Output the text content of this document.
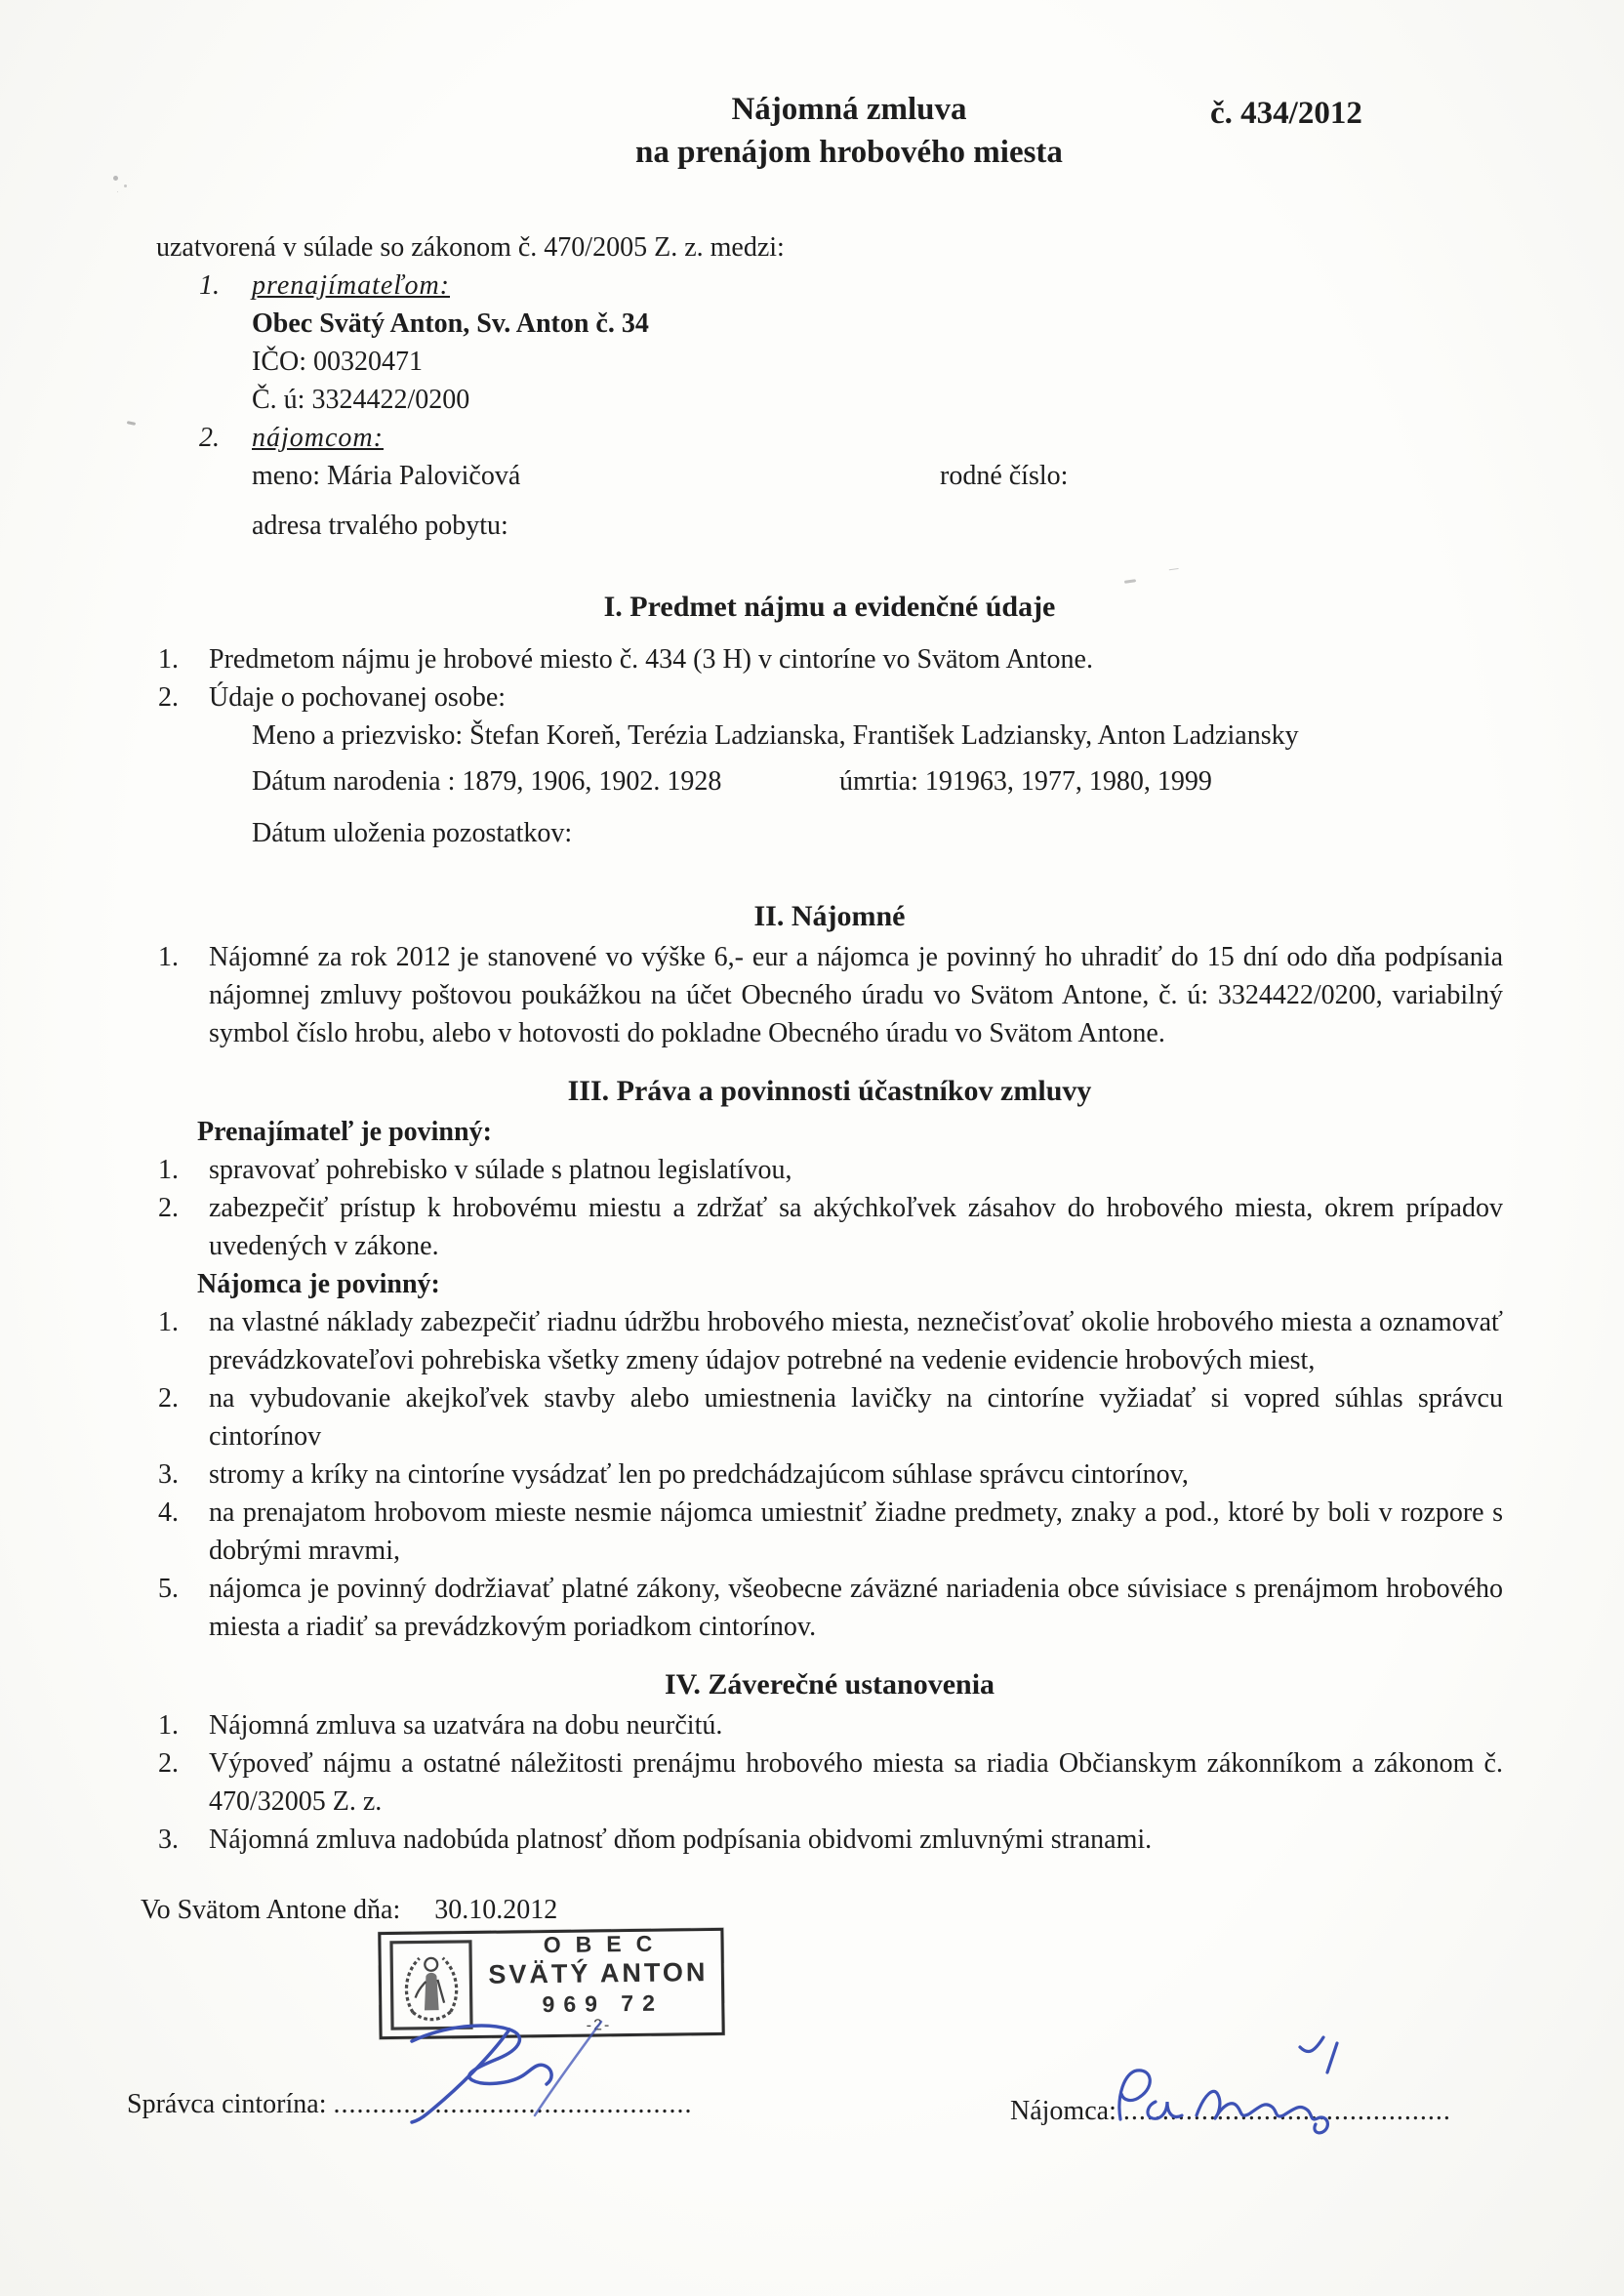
Nájomná zmluva
na prenájom hrobového miesta
č. 434/2012
uzatvorená v súlade so zákonom č. 470/2005 Z. z. medzi:
1.	prenajímateľom:
Obec Svätý Anton, Sv. Anton č. 34
IČO: 00320471
Č. ú: 3324422/0200
2.	nájomcom:
meno: Mária Palovičová	rodné číslo:
adresa trvalého pobytu:
I. Predmet nájmu a evidenčné údaje
1.	Predmetom nájmu je hrobové miesto č. 434 (3 H) v cintoríne vo Svätom Antone.
2.	Údaje o pochovanej osobe:
Meno a priezvisko: Štefan Koreň, Terézia Ladzianska, František Ladziansky, Anton Ladziansky
Dátum narodenia : 1879, 1906, 1902. 1928	úmrtia: 191963, 1977, 1980, 1999
Dátum uloženia pozostatkov:
II. Nájomné
1.	Nájomné za rok 2012 je stanovené vo výške 6,- eur a nájomca je povinný ho uhradiť do 15 dní odo dňa podpísania nájomnej zmluvy poštovou poukážkou na účet Obecného úradu vo Svätom Antone, č. ú: 3324422/0200, variabilný symbol číslo hrobu, alebo v hotovosti do pokladne Obecného úradu vo Svätom Antone.
III. Práva a povinnosti účastníkov zmluvy
Prenajímateľ je povinný:
1.	spravovať pohrebisko v súlade s platnou legislatívou,
2.	zabezpečiť prístup k hrobovému miestu a zdržať sa akýchkoľvek zásahov do hrobového miesta, okrem prípadov uvedených v zákone.
Nájomca je povinný:
1.	na vlastné náklady zabezpečiť riadnu údržbu hrobového miesta, neznečisťovať okolie hrobového miesta a oznamovať prevádzkovateľovi pohrebiska všetky zmeny údajov potrebné na vedenie evidencie hrobových miest,
2.	na vybudovanie akejkoľvek stavby alebo umiestnenia lavičky na cintoríne vyžiadať si vopred súhlas správcu cintorínov
3.	stromy a kríky na cintoríne vysádzať len po predchádzajúcom súhlase správcu cintorínov,
4.	na prenajatom hrobovom mieste nesmie nájomca umiestniť žiadne predmety, znaky a pod., ktoré by boli v rozpore s dobrými mravmi,
5.	nájomca je povinný dodržiavať platné zákony, všeobecne záväzné nariadenia obce súvisiace s prenájmom hrobového miesta a riadiť sa prevádzkovým poriadkom cintorínov.
IV. Záverečné ustanovenia
1.	Nájomná zmluva sa uzatvára na dobu neurčitú.
2.	Výpoveď nájmu a ostatné náležitosti prenájmu hrobového miesta sa riadia Občianskym zákonníkom a zákonom č. 470/32005 Z. z.
3.	Nájomná zmluva nadobúda platnosť dňom podpísania obidvomi zmluvnými stranami.
Vo Svätom Antone dňa: 30.10.2012
OBEC
SVÄTÝ ANTON
969 72
-2-
Správca cintorína: ..............................................	Nájomca: ..........................................
